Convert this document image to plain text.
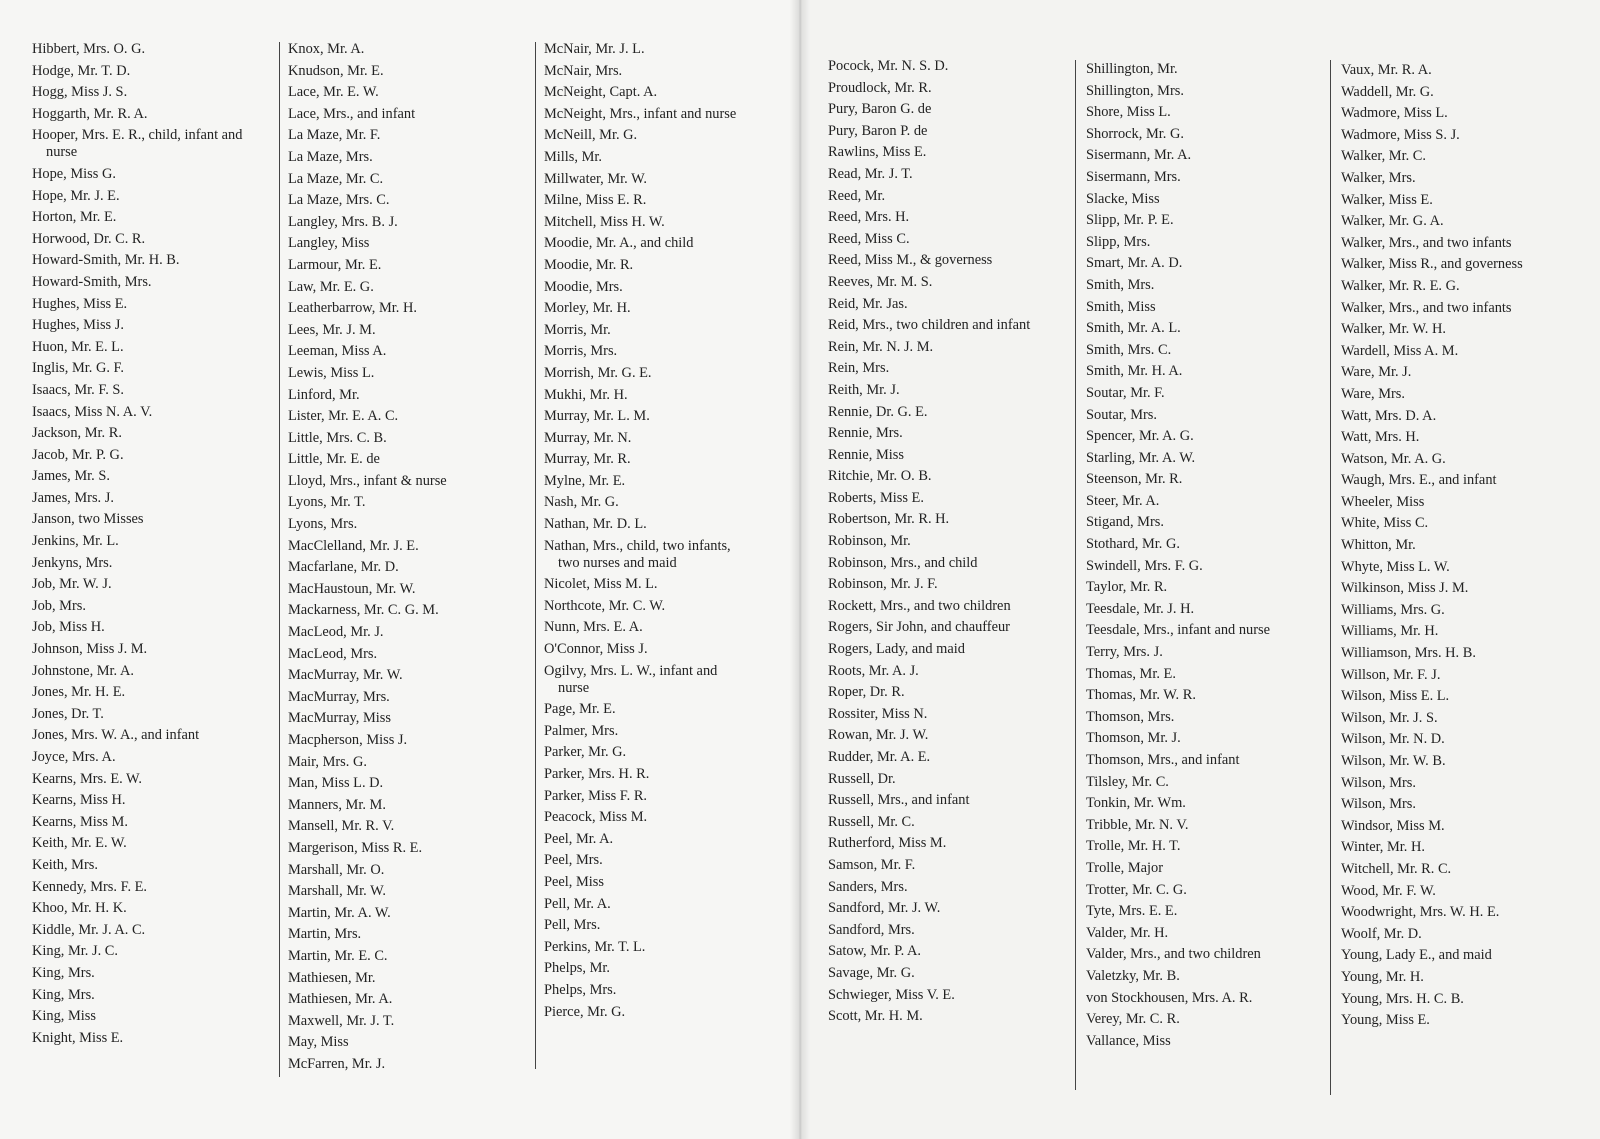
Hibbert, Mrs. O. G.
Hodge, Mr. T. D.
Hogg, Miss J. S.
Hoggarth, Mr. R. A.
Hooper, Mrs. E. R., child, infant and nurse
Hope, Miss G.
Hope, Mr. J. E.
Horton, Mr. E.
Horwood, Dr. C. R.
Howard-Smith, Mr. H. B.
Howard-Smith, Mrs.
Hughes, Miss E.
Hughes, Miss J.
Huon, Mr. E. L.
Inglis, Mr. G. F.
Isaacs, Mr. F. S.
Isaacs, Miss N. A. V.
Jackson, Mr. R.
Jacob, Mr. P. G.
James, Mr. S.
James, Mrs. J.
Janson, two Misses
Jenkins, Mr. L.
Jenkyns, Mrs.
Job, Mr. W. J.
Job, Mrs.
Job, Miss H.
Johnson, Miss J. M.
Johnstone, Mr. A.
Jones, Mr. H. E.
Jones, Dr. T.
Jones, Mrs. W. A., and infant
Joyce, Mrs. A.
Kearns, Mrs. E. W.
Kearns, Miss H.
Kearns, Miss M.
Keith, Mr. E. W.
Keith, Mrs.
Kennedy, Mrs. F. E.
Khoo, Mr. H. K.
Kiddle, Mr. J. A. C.
King, Mr. J. C.
King, Mrs.
King, Mrs.
King, Miss
Knight, Miss E.
Knox, Mr. A.
Knudson, Mr. E.
Lace, Mr. E. W.
Lace, Mrs., and infant
La Maze, Mr. F.
La Maze, Mrs.
La Maze, Mr. C.
La Maze, Mrs. C.
Langley, Mrs. B. J.
Langley, Miss
Larmour, Mr. E.
Law, Mr. E. G.
Leatherbarrow, Mr. H.
Lees, Mr. J. M.
Leeman, Miss A.
Lewis, Miss L.
Linford, Mr.
Lister, Mr. E. A. C.
Little, Mrs. C. B.
Little, Mr. E. de
Lloyd, Mrs., infant & nurse
Lyons, Mr. T.
Lyons, Mrs.
MacClelland, Mr. J. E.
Macfarlane, Mr. D.
MacHaustoun, Mr. W.
Mackarness, Mr. C. G. M.
MacLeod, Mr. J.
MacLeod, Mrs.
MacMurray, Mr. W.
MacMurray, Mrs.
MacMurray, Miss
Macpherson, Miss J.
Mair, Mrs. G.
Man, Miss L. D.
Manners, Mr. M.
Mansell, Mr. R. V.
Margerison, Miss R. E.
Marshall, Mr. O.
Marshall, Mr. W.
Martin, Mr. A. W.
Martin, Mrs.
Martin, Mr. E. C.
Mathiesen, Mr.
Mathiesen, Mr. A.
Maxwell, Mr. J. T.
May, Miss
McFarren, Mr. J.
McNair, Mr. J. L.
McNair, Mrs.
McNeight, Capt. A.
McNeight, Mrs., infant and nurse
McNeill, Mr. G.
Mills, Mr.
Millwater, Mr. W.
Milne, Miss E. R.
Mitchell, Miss H. W.
Moodie, Mr. A., and child
Moodie, Mr. R.
Moodie, Mrs.
Morley, Mr. H.
Morris, Mr.
Morris, Mrs.
Morrish, Mr. G. E.
Mukhi, Mr. H.
Murray, Mr. L. M.
Murray, Mr. N.
Murray, Mr. R.
Mylne, Mr. E.
Nash, Mr. G.
Nathan, Mr. D. L.
Nathan, Mrs., child, two infants, two nurses and maid
Nicolet, Miss M. L.
Northcote, Mr. C. W.
Nunn, Mrs. E. A.
O'Connor, Miss J.
Ogilvy, Mrs. L. W., infant and nurse
Page, Mr. E.
Palmer, Mrs.
Parker, Mr. G.
Parker, Mrs. H. R.
Parker, Miss F. R.
Peacock, Miss M.
Peel, Mr. A.
Peel, Mrs.
Peel, Miss
Pell, Mr. A.
Pell, Mrs.
Perkins, Mr. T. L.
Phelps, Mr.
Phelps, Mrs.
Pierce, Mr. G.
Pocock, Mr. N. S. D.
Proudlock, Mr. R.
Pury, Baron G. de
Pury, Baron P. de
Rawlins, Miss E.
Read, Mr. J. T.
Reed, Mr.
Reed, Mrs. H.
Reed, Miss C.
Reed, Miss M., & governess
Reeves, Mr. M. S.
Reid, Mr. Jas.
Reid, Mrs., two children and infant
Rein, Mr. N. J. M.
Rein, Mrs.
Reith, Mr. J.
Rennie, Dr. G. E.
Rennie, Mrs.
Rennie, Miss
Ritchie, Mr. O. B.
Roberts, Miss E.
Robertson, Mr. R. H.
Robinson, Mr.
Robinson, Mrs., and child
Robinson, Mr. J. F.
Rockett, Mrs., and two children
Rogers, Sir John, and chauffeur
Rogers, Lady, and maid
Roots, Mr. A. J.
Roper, Dr. R.
Rossiter, Miss N.
Rowan, Mr. J. W.
Rudder, Mr. A. E.
Russell, Dr.
Russell, Mrs., and infant
Russell, Mr. C.
Rutherford, Miss M.
Samson, Mr. F.
Sanders, Mrs.
Sandford, Mr. J. W.
Sandford, Mrs.
Satow, Mr. P. A.
Savage, Mr. G.
Schwieger, Miss V. E.
Scott, Mr. H. M.
Shillington, Mr.
Shillington, Mrs.
Shore, Miss L.
Shorrock, Mr. G.
Sisermann, Mr. A.
Sisermann, Mrs.
Slacke, Miss
Slipp, Mr. P. E.
Slipp, Mrs.
Smart, Mr. A. D.
Smith, Mrs.
Smith, Miss
Smith, Mr. A. L.
Smith, Mrs. C.
Smith, Mr. H. A.
Soutar, Mr. F.
Soutar, Mrs.
Spencer, Mr. A. G.
Starling, Mr. A. W.
Steenson, Mr. R.
Steer, Mr. A.
Stigand, Mrs.
Stothard, Mr. G.
Swindell, Mrs. F. G.
Taylor, Mr. R.
Teesdale, Mr. J. H.
Teesdale, Mrs., infant and nurse
Terry, Mrs. J.
Thomas, Mr. E.
Thomas, Mr. W. R.
Thomson, Mrs.
Thomson, Mr. J.
Thomson, Mrs., and infant
Tilsley, Mr. C.
Tonkin, Mr. Wm.
Tribble, Mr. N. V.
Trolle, Mr. H. T.
Trolle, Major
Trotter, Mr. C. G.
Tyte, Mrs. E. E.
Valder, Mr. H.
Valder, Mrs., and two children
Valetzky, Mr. B.
von Stockhousen, Mrs. A. R.
Verey, Mr. C. R.
Vallance, Miss
Vaux, Mr. R. A.
Waddell, Mr. G.
Wadmore, Miss L.
Wadmore, Miss S. J.
Walker, Mr. C.
Walker, Mrs.
Walker, Miss E.
Walker, Mr. G. A.
Walker, Mrs., and two infants
Walker, Miss R., and governess
Walker, Mr. R. E. G.
Walker, Mrs., and two infants
Walker, Mr. W. H.
Wardell, Miss A. M.
Ware, Mr. J.
Ware, Mrs.
Watt, Mrs. D. A.
Watt, Mrs. H.
Watson, Mr. A. G.
Waugh, Mrs. E., and infant
Wheeler, Miss
White, Miss C.
Whitton, Mr.
Whyte, Miss L. W.
Wilkinson, Miss J. M.
Williams, Mrs. G.
Williams, Mr. H.
Williamson, Mrs. H. B.
Willson, Mr. F. J.
Wilson, Miss E. L.
Wilson, Mr. J. S.
Wilson, Mr. N. D.
Wilson, Mr. W. B.
Wilson, Mrs.
Wilson, Mrs.
Windsor, Miss M.
Winter, Mr. H.
Witchell, Mr. R. C.
Wood, Mr. F. W.
Woodwright, Mrs. W. H. E.
Woolf, Mr. D.
Young, Lady E., and maid
Young, Mr. H.
Young, Mrs. H. C. B.
Young, Miss E.
